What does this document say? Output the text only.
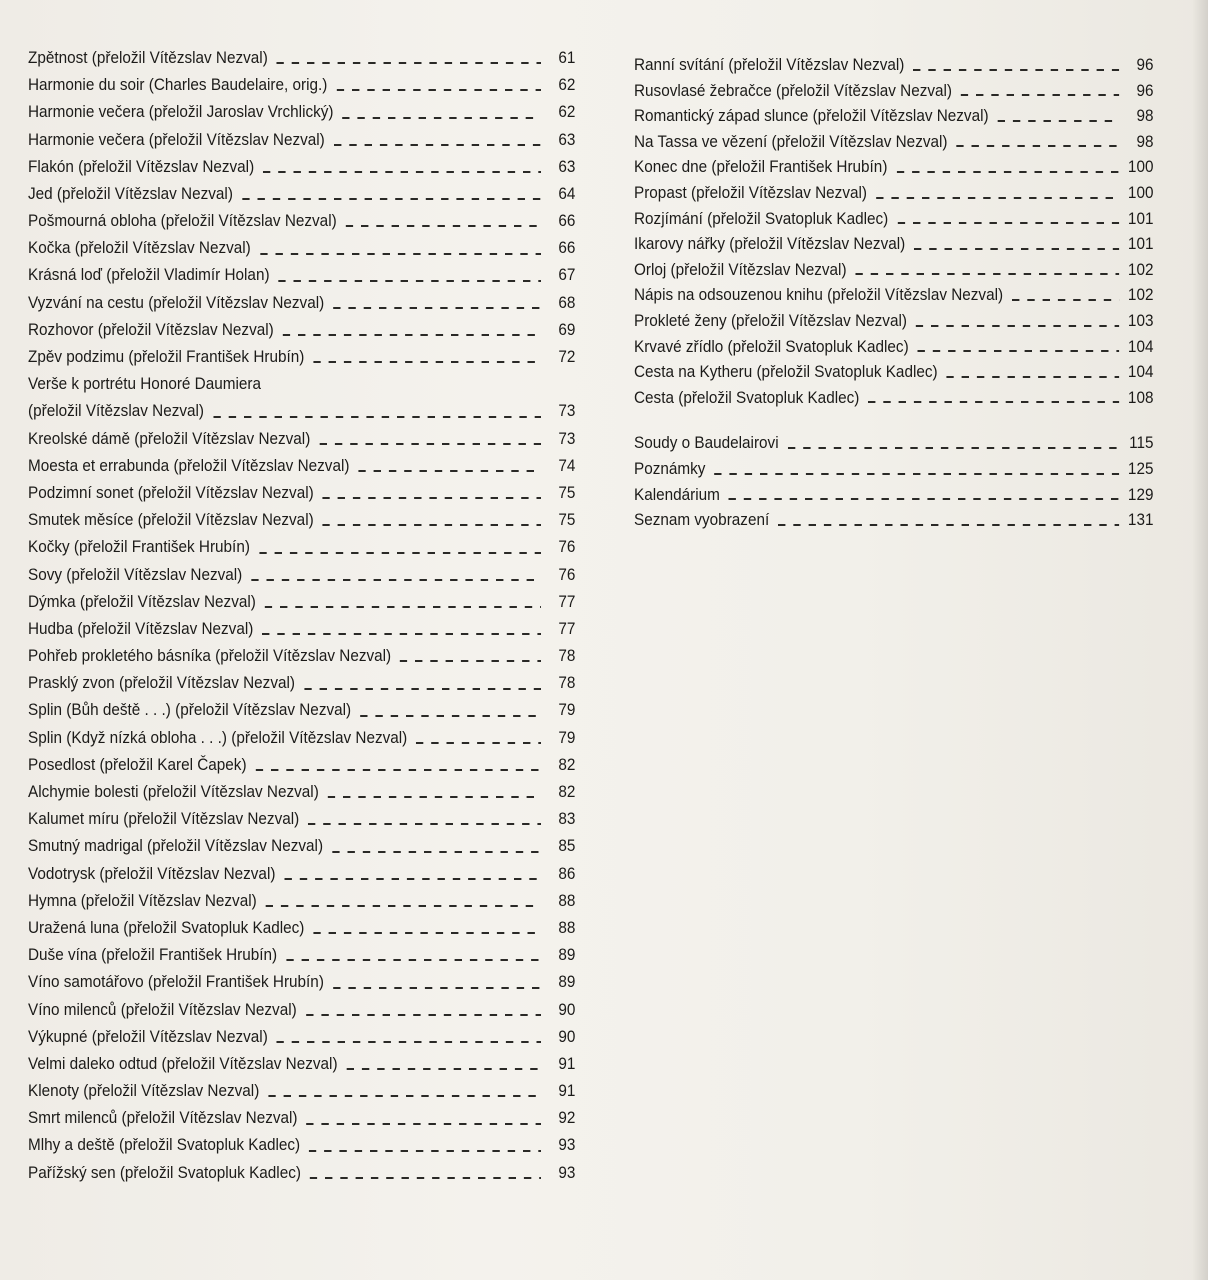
Zpětnost (přeložil Vítězslav Nezval)	61
Harmonie du soir (Charles Baudelaire, orig.)	62
Harmonie večera (přeložil Jaroslav Vrchlický)	62
Harmonie večera (přeložil Vítězslav Nezval)	63
Flakón (přeložil Vítězslav Nezval)	63
Jed (přeložil Vítězslav Nezval)	64
Pošmourná obloha (přeložil Vítězslav Nezval)	66
Kočka (přeložil Vítězslav Nezval)	66
Krásná loď (přeložil Vladimír Holan)	67
Vyzvání na cestu (přeložil Vítězslav Nezval)	68
Rozhovor (přeložil Vítězslav Nezval)	69
Zpěv podzimu (přeložil František Hrubín)	72
Verše k portrétu Honoré Daumiera
(přeložil Vítězslav Nezval)	73
Kreolské dámě (přeložil Vítězslav Nezval)	73
Moesta et errabunda (přeložil Vítězslav Nezval)	74
Podzimní sonet (přeložil Vítězslav Nezval)	75
Smutek měsíce (přeložil Vítězslav Nezval)	75
Kočky (přeložil František Hrubín)	76
Sovy (přeložil Vítězslav Nezval)	76
Dýmka (přeložil Vítězslav Nezval)	77
Hudba (přeložil Vítězslav Nezval)	77
Pohřeb prokletého básníka (přeložil Vítězslav Nezval)	78
Prasklý zvon (přeložil Vítězslav Nezval)	78
Splin (Bůh deště . . .) (přeložil Vítězslav Nezval)	79
Splin (Když nízká obloha . . .) (přeložil Vítězslav Nezval)	79
Posedlost (přeložil Karel Čapek)	82
Alchymie bolesti (přeložil Vítězslav Nezval)	82
Kalumet míru (přeložil Vítězslav Nezval)	83
Smutný madrigal (přeložil Vítězslav Nezval)	85
Vodotrysk (přeložil Vítězslav Nezval)	86
Hymna (přeložil Vítězslav Nezval)	88
Uražená luna (přeložil Svatopluk Kadlec)	88
Duše vína (přeložil František Hrubín)	89
Víno samotářovo (přeložil František Hrubín)	89
Víno milenců (přeložil Vítězslav Nezval)	90
Výkupné (přeložil Vítězslav Nezval)	90
Velmi daleko odtud (přeložil Vítězslav Nezval)	91
Klenoty (přeložil Vítězslav Nezval)	91
Smrt milenců (přeložil Vítězslav Nezval)	92
Mlhy a deště (přeložil Svatopluk Kadlec)	93
Pařížský sen (přeložil Svatopluk Kadlec)	93
Ranní svítání (přeložil Vítězslav Nezval)	96
Rusovlasé žebračce (přeložil Vítězslav Nezval)	96
Romantický západ slunce (přeložil Vítězslav Nezval)	98
Na Tassa ve vězení (přeložil Vítězslav Nezval)	98
Konec dne (přeložil František Hrubín)	100
Propast (přeložil Vítězslav Nezval)	100
Rozjímání (přeložil Svatopluk Kadlec)	101
Ikarovy nářky (přeložil Vítězslav Nezval)	101
Orloj (přeložil Vítězslav Nezval)	102
Nápis na odsouzenou knihu (přeložil Vítězslav Nezval)	102
Prokleté ženy (přeložil Vítězslav Nezval)	103
Krvavé zřídlo (přeložil Svatopluk Kadlec)	104
Cesta na Kytheru (přeložil Svatopluk Kadlec)	104
Cesta (přeložil Svatopluk Kadlec)	108
Soudy o Baudelairovi	115
Poznámky	125
Kalendárium	129
Seznam vyobrazení	131
